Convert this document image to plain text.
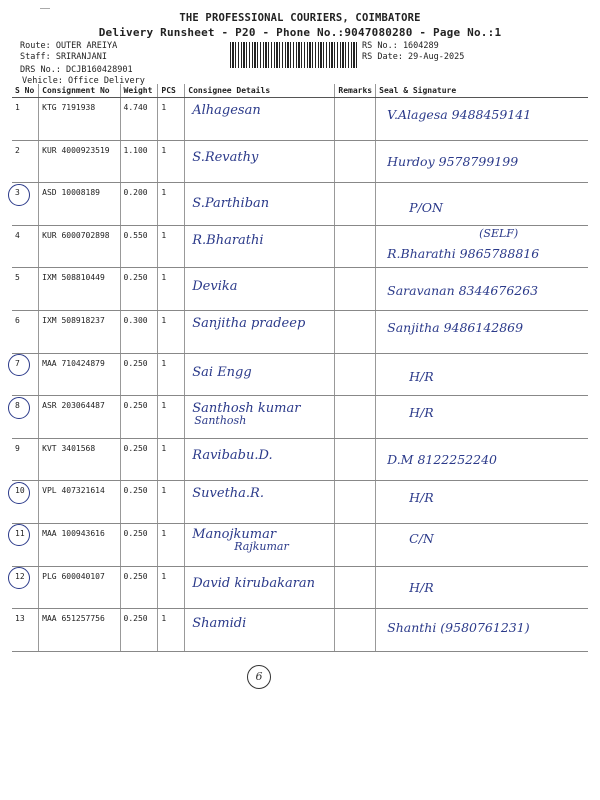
THE PROFESSIONAL COURIERS, COIMBATORE
Delivery Runsheet - P20 - Phone No.:9047080280 - Page No.:1
Route: OUTER AREIYA
Staff: SRIRANJANI
DRS No.: DCJB160428901
Vehicle: Office Delivery
RS No.: 1604289
RS Date: 29-Aug-2025
S No	Consignment No	Weight	PCS	Consignee Details	Remarks	Seal & Signature
1	KTG 7191938	4.740	1	Alhagesan		V.Alagesa 9488459141

2	KUR 4000923519	1.100	1	S.Revathy		Hurdoy 9578799199

3	ASD 10008189	0.200	1	S.Parthiban		P/ON

4	KUR 6000702898	0.550	1	R.Bharathi		(SELF)
R.Bharathi 9865788816

5	IXM 508810449	0.250	1	Devika		Saravanan 8344676263

6	IXM 508918237	0.300	1	Sanjitha pradeep		Sanjitha 9486142869

7	MAA 710424879	0.250	1	Sai Engg		H/R

8	ASR 203064487	0.250	1	Santhosh kumar
Santhosh		H/R

9	KVT 3401568	0.250	1	Ravibabu.D.		D.M 8122252240

10	VPL 407321614	0.250	1	Suvetha.R.		H/R

11	MAA 100943616	0.250	1	Manojkumar
Rajkumar		C/N

12	PLG 600040107	0.250	1	David kirubakaran		H/R

13	MAA 651257756	0.250	1	Shamidi		Shanthi (9580761231)
6
